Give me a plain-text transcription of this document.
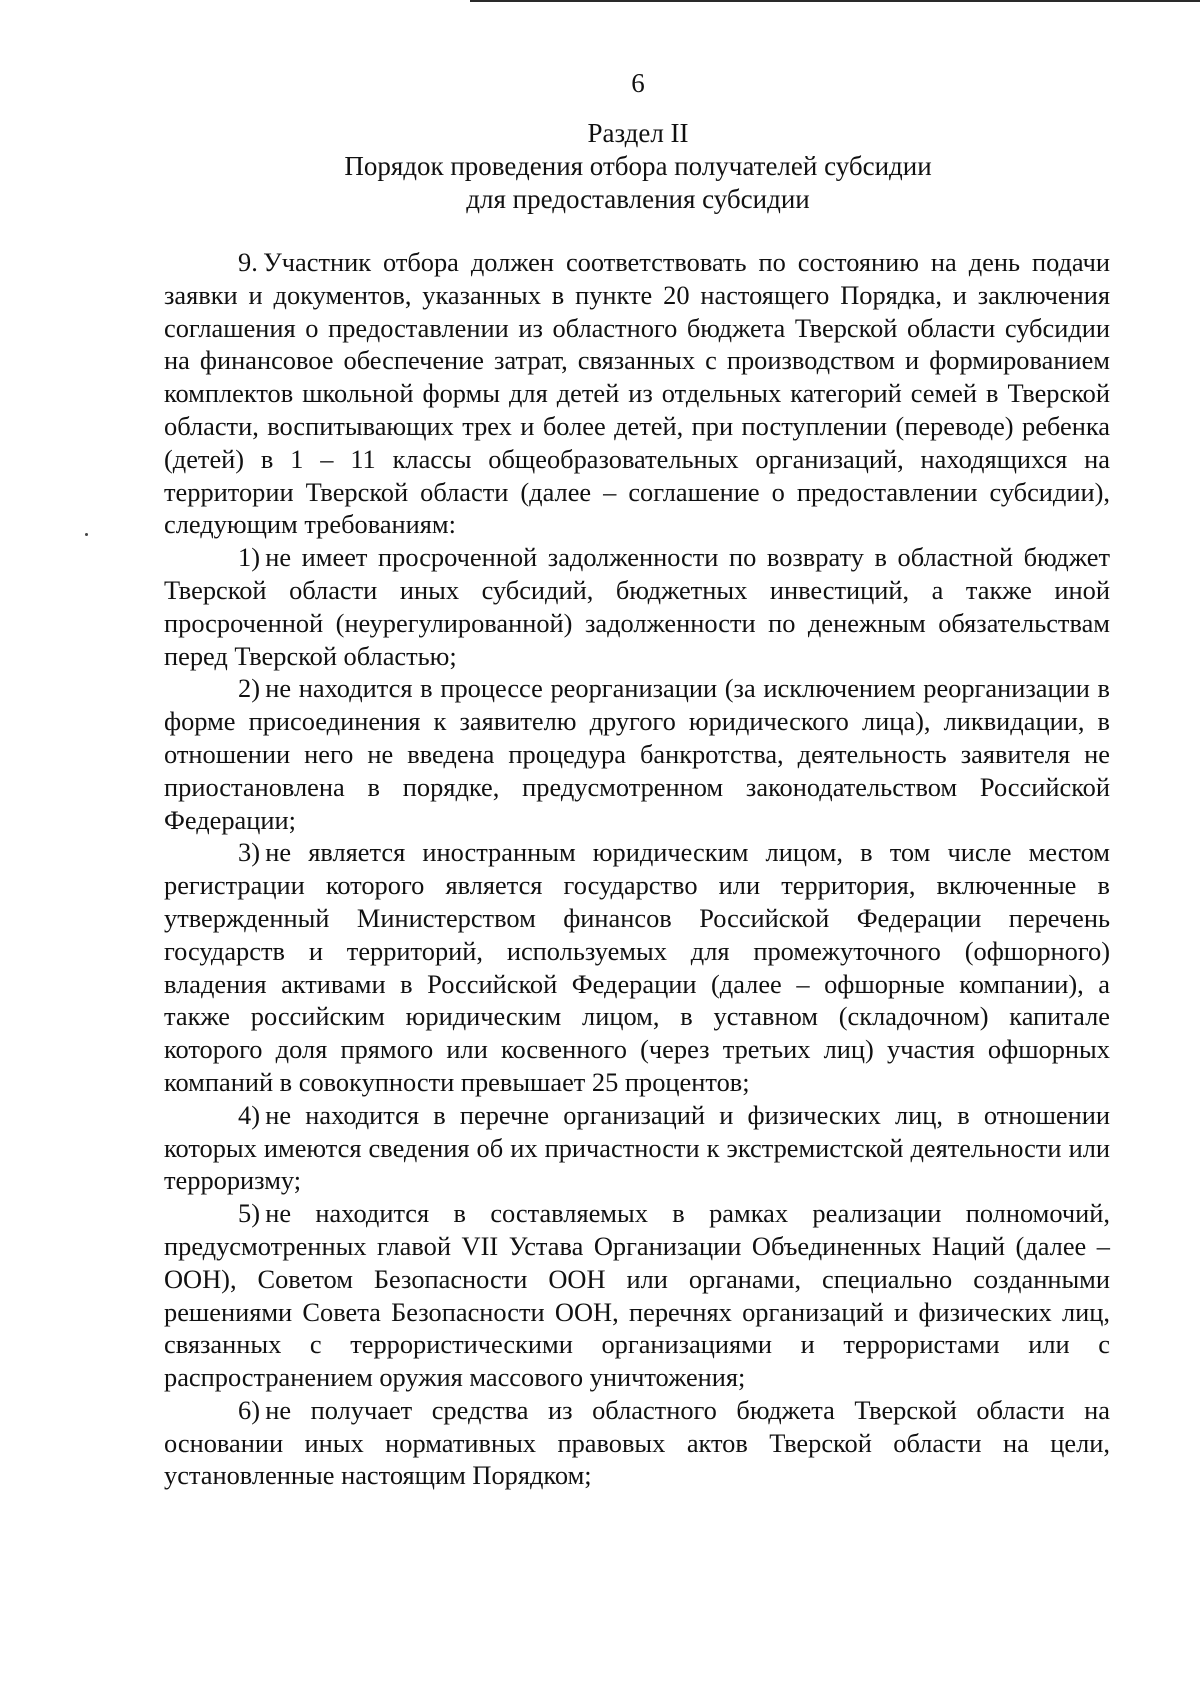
6
Раздел II
Порядок проведения отбора получателей субсидии
для предоставления субсидии

9. Участник отбора должен соответствовать по состоянию на день подачи заявки и документов, указанных в пункте 20 настоящего Порядка, и заключения соглашения о предоставлении из областного бюджета Тверской области субсидии на финансовое обеспечение затрат, связанных с производством и формированием комплектов школьной формы для детей из отдельных категорий семей в Тверской области, воспитывающих трех и более детей, при поступлении (переводе) ребенка (детей) в 1 – 11 классы общеобразовательных организаций, находящихся на территории Тверской области (далее – соглашение о предоставлении субсидии), следующим требованиям:

1) не имеет просроченной задолженности по возврату в областной бюджет Тверской области иных субсидий, бюджетных инвестиций, а также иной просроченной (неурегулированной) задолженности по денежным обязательствам перед Тверской областью;

2) не находится в процессе реорганизации (за исключением реорганизации в форме присоединения к заявителю другого юридического лица), ликвидации, в отношении него не введена процедура банкротства, деятельность заявителя не приостановлена в порядке, предусмотренном законодательством Российской Федерации;

3) не является иностранным юридическим лицом, в том числе местом регистрации которого является государство или территория, включенные в утвержденный Министерством финансов Российской Федерации перечень государств и территорий, используемых для промежуточного (офшорного) владения активами в Российской Федерации (далее – офшорные компании), а также российским юридическим лицом, в уставном (складочном) капитале которого доля прямого или косвенного (через третьих лиц) участия офшорных компаний в совокупности превышает 25 процентов;

4) не находится в перечне организаций и физических лиц, в отношении которых имеются сведения об их причастности к экстремистской деятельности или терроризму;

5) не находится в составляемых в рамках реализации полномочий, предусмотренных главой VII Устава Организации Объединенных Наций (далее – ООН), Советом Безопасности ООН или органами, специально созданными решениями Совета Безопасности ООН, перечнях организаций и физических лиц, связанных с террористическими организациями и террористами или с распространением оружия массового уничтожения;

6) не получает средства из областного бюджета Тверской области на основании иных нормативных правовых актов Тверской области на цели, установленные настоящим Порядком;
